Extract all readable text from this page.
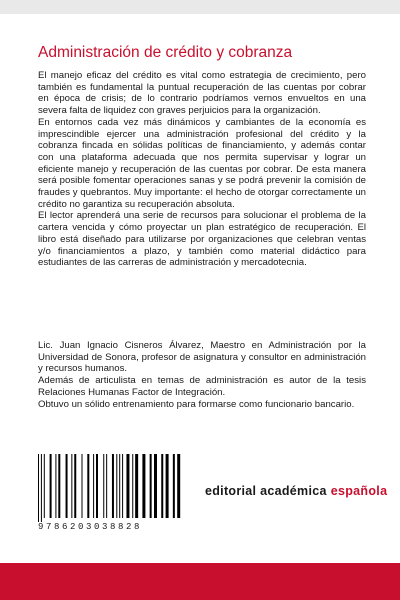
Administración de crédito y cobranza

El manejo eficaz del crédito es vital como estrategia de crecimiento, pero también es fundamental la puntual recuperación de las cuentas por cobrar en época de crisis; de lo contrario podríamos vernos envueltos en una severa falta de liquidez con graves perjuicios para la organización.

En entornos cada vez más dinámicos y cambiantes de la economía es imprescindible ejercer una administración profesional del crédito y la cobranza fincada en sólidas políticas de financiamiento, y además contar con una plataforma adecuada que nos permita supervisar y lograr un eficiente manejo y recuperación de las cuentas por cobrar. De esta manera será posible fomentar operaciones sanas y se podrá prevenir la comisión de fraudes y quebrantos. Muy importante: el hecho de otorgar correctamente un crédito no garantiza su recuperación absoluta.

El lector aprenderá una serie de recursos para solucionar el problema de la cartera vencida y cómo proyectar un plan estratégico de recuperación. El libro está diseñado para utilizarse por organizaciones que celebran ventas y/o financiamientos a plazo, y también como material didáctico para estudiantes de las carreras de administración y mercadotecnia.

Lic. Juan Ignacio Cisneros Álvarez, Maestro en Administración por la Universidad de Sonora, profesor de asignatura y consultor en administración y recursos humanos.

Además de articulista en temas de administración es autor de la tesis Relaciones Humanas Factor de Integración.

Obtuvo un sólido entrenamiento para formarse como funcionario bancario.

9786203038828

editorial académica española
